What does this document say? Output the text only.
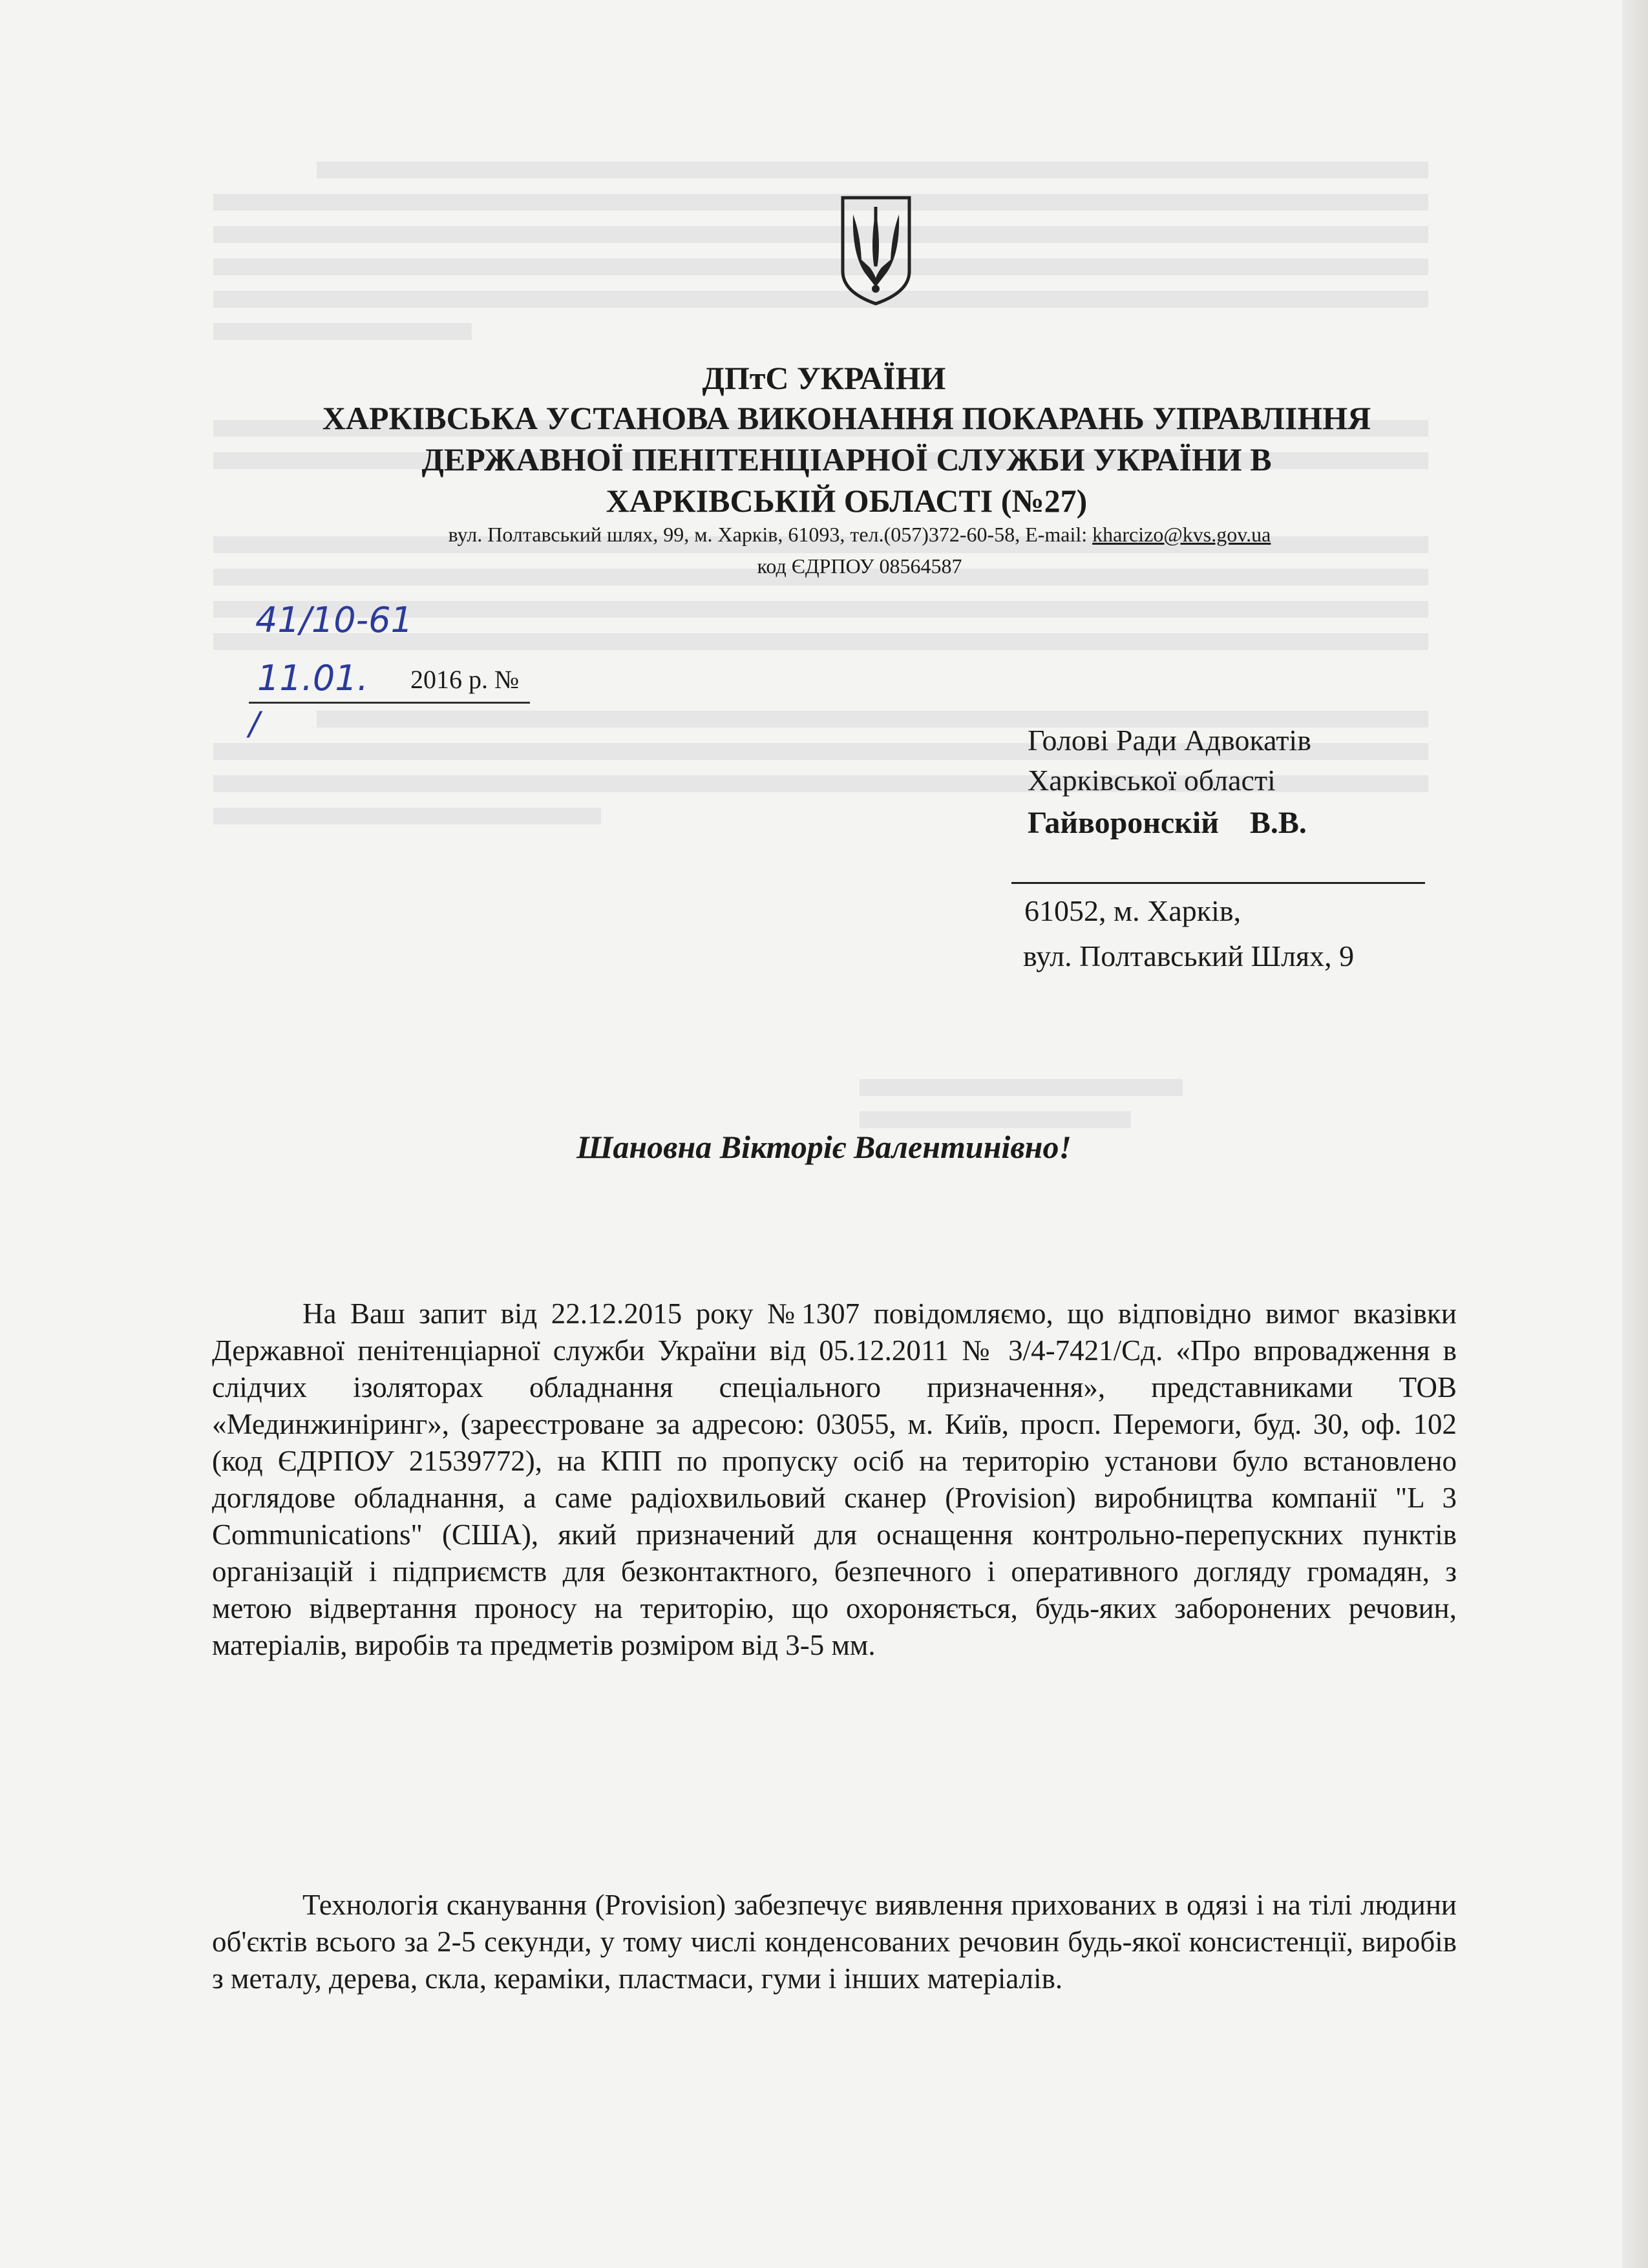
ДПтС УКРАЇНИ
ХАРКІВСЬКА УСТАНОВА ВИКОНАННЯ ПОКАРАНЬ УПРАВЛІННЯ
ДЕРЖАВНОЇ ПЕНІТЕНЦІАРНОЇ СЛУЖБИ УКРАЇНИ В
ХАРКІВСЬКІЙ ОБЛАСТІ (№27)
вул. Полтавський шлях, 99, м. Харків, 61093, тел.(057)372-60-58, E-mail: kharcizo@kvs.gov.ua
код ЄДРПОУ 08564587
41/10-61
11.01.
/
2016 р. №
Голові Ради Адвокатів
Харківської області
Гайворонскій    В.В.
61052, м. Харків,
вул. Полтавський Шлях, 9
Шановна Вікторіє Валентинівно!
На Ваш запит від 22.12.2015 року №1307 повідомляємо, що відповідно вимог вказівки Державної пенітенціарної служби України від 05.12.2011 № 3/4-7421/Сд. «Про впровадження в слідчих ізоляторах обладнання спеціального призначення», представниками ТОВ «Мединжиніринг», (зареєстроване за адресою: 03055, м. Київ, просп. Перемоги, буд. 30, оф. 102 (код ЄДРПОУ 21539772), на КПП по пропуску осіб на територію установи було встановлено доглядове обладнання, а саме радіохвильовий сканер (Provision) виробництва компанії "L 3 Communications" (США), який призначений для оснащення контрольно-перепускних пунктів організацій і підприємств для безконтактного, безпечного і оперативного догляду громадян, з метою відвертання проносу на територію, що охороняється, будь-яких заборонених речовин, матеріалів, виробів та предметів розміром від 3-5 мм.
Технологія сканування (Provision) забезпечує виявлення прихованих в одязі і на тілі людини об'єктів всього за 2-5 секунди, у тому числі конденсованих речовин будь-якої консистенції, виробів з металу, дерева, скла, кераміки, пластмаси, гуми і інших матеріалів.
